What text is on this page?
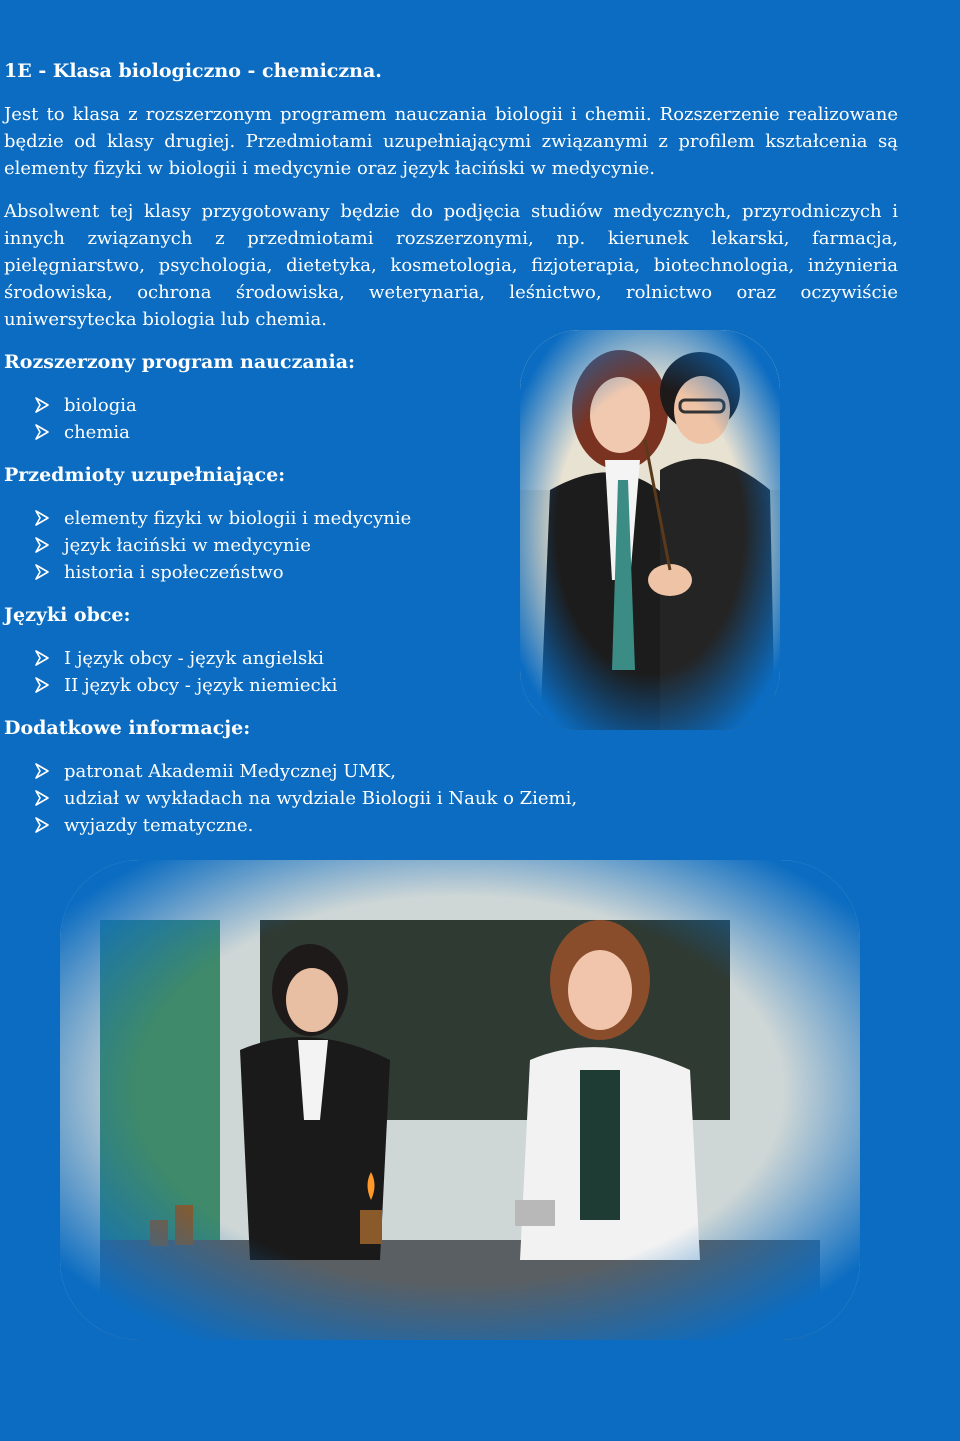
1E - Klasa biologiczno - chemiczna.

Jest to klasa z rozszerzonym programem nauczania biologii i chemii. Rozszerzenie realizowane będzie od klasy drugiej. Przedmiotami uzupełniającymi związanymi z profilem kształcenia są elementy fizyki w biologii i medycynie oraz język łaciński w medycynie.

Absolwent tej klasy przygotowany będzie do podjęcia studiów medycznych, przyrodniczych i innych związanych z przedmiotami rozszerzonymi, np. kierunek lekarski, farmacja, pielęgniarstwo, psychologia, dietetyka, kosmetologia, fizjoterapia, biotechnologia, inżynieria środowiska, ochrona środowiska, weterynaria, leśnictwo, rolnictwo oraz oczywiście uniwersytecka biologia lub chemia.

Rozszerzony program nauczania:
biologia
chemia
Przedmioty uzupełniające:
elementy fizyki w biologii i medycynie
język łaciński w medycynie
historia i społeczeństwo
Języki obce:
I język obcy - język angielski
II język obcy - język niemiecki
Dodatkowe informacje:
patronat Akademii Medycznej UMK,
udział w wykładach na wydziale Biologii i Nauk o Ziemi,
wyjazdy tematyczne.
